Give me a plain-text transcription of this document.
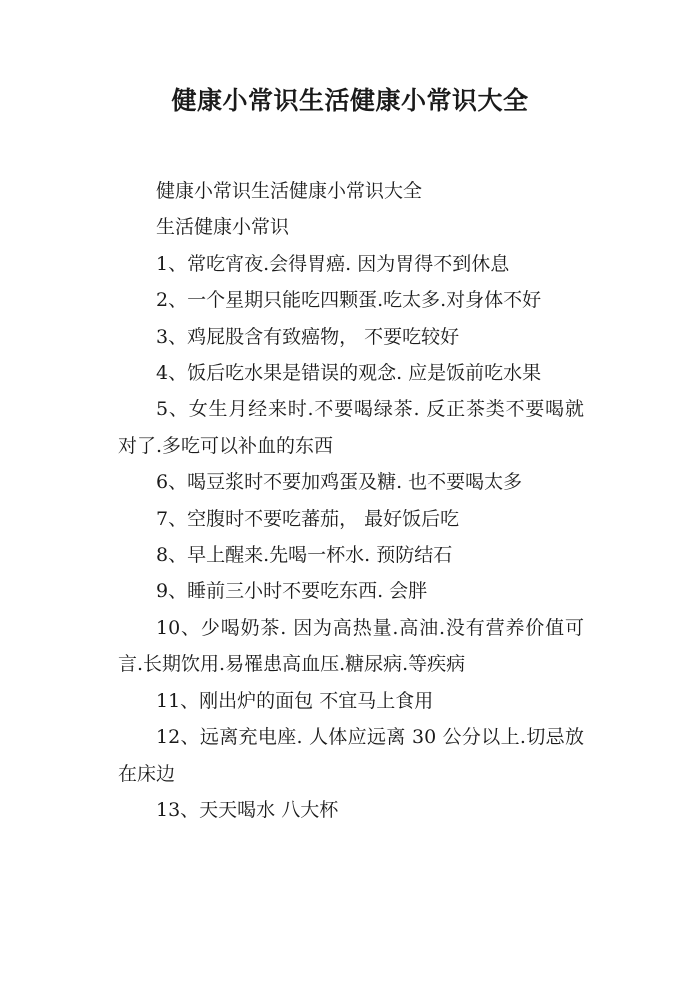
健康小常识生活健康小常识大全

健康小常识生活健康小常识大全

生活健康小常识

1、常吃宵夜.会得胃癌. 因为胃得不到休息

2、一个星期只能吃四颗蛋.吃太多.对身体不好

3、鸡屁股含有致癌物， 不要吃较好

4、饭后吃水果是错误的观念. 应是饭前吃水果

5、女生月经来时.不要喝绿茶. 反正茶类不要喝就对了.多吃可以补血的东西

6、喝豆浆时不要加鸡蛋及糖. 也不要喝太多

7、空腹时不要吃蕃茄， 最好饭后吃

8、早上醒来.先喝一杯水. 预防结石

9、睡前三小时不要吃东西. 会胖

10、少喝奶茶. 因为高热量.高油.没有营养价值可言.长期饮用.易罹患高血压.糖尿病.等疾病

11、刚出炉的面包 不宜马上食用

12、远离充电座. 人体应远离 30 公分以上.切忌放在床边

13、天天喝水 八大杯
